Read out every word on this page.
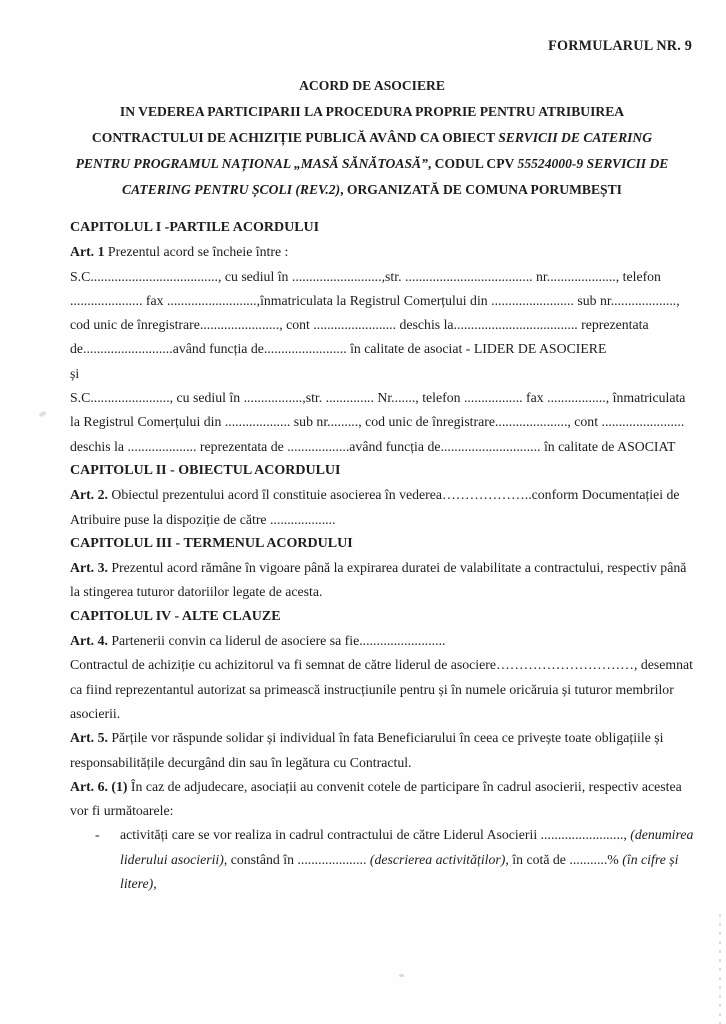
FORMULARUL NR. 9
ACORD DE ASOCIERE
IN VEDEREA PARTICIPARII LA PROCEDURA PROPRIE PENTRU ATRIBUIREA
CONTRACTULUI DE ACHIZIȚIE PUBLICĂ AVÂND CA OBIECT SERVICII DE CATERING
PENTRU PROGRAMUL NAȚIONAL „MASĂ SĂNĂTOASĂ”, CODUL CPV 55524000-9 SERVICII DE
CATERING PENTRU ȘCOLI (REV.2), ORGANIZATĂ DE COMUNA PORUMBEȘTI

CAPITOLUL I -PARTILE ACORDULUI

Art. 1 Prezentul acord se încheie între :

S.C....................................., cu sediul în ..........................,str. ..................................... nr...................., telefon ..................... fax ..........................,înmatriculata la Registrul Comerțului din ........................ sub nr..................., cod unic de înregistrare......................., cont ........................ deschis la.................................... reprezentata de..........................având funcția de........................ în calitate de asociat - LIDER DE ASOCIERE

și

S.C......................., cu sediul în .................,str. .............. Nr......., telefon ................. fax ................., înmatriculata la Registrul Comerțului din ................... sub nr........., cod unic de înregistrare....................., cont ........................ deschis la .................... reprezentata de ..................având funcția de............................. în calitate de ASOCIAT

CAPITOLUL II - OBIECTUL ACORDULUI

Art. 2. Obiectul prezentului acord îl constituie asocierea în vederea………………..conform Documentației de Atribuire puse la dispoziție de către ...................

CAPITOLUL III - TERMENUL ACORDULUI

Art. 3. Prezentul acord rămâne în vigoare până la expirarea duratei de valabilitate a contractului, respectiv până la stingerea tuturor datoriilor legate de acesta.

CAPITOLUL IV - ALTE CLAUZE

Art. 4. Partenerii convin ca liderul de asociere sa fie.........................

Contractul de achiziție cu achizitorul va fi semnat de către liderul de asociere…………………………, desemnat ca fiind reprezentantul autorizat sa primească instrucțiunile pentru și în numele oricăruia și tuturor membrilor asocierii.

Art. 5. Părțile vor răspunde solidar și individual în fata Beneficiarului în ceea ce privește toate obligațiile și responsabilitățile decurgând din sau în legătura cu Contractul.

Art. 6. (1) În caz de adjudecare, asociații au convenit cotele de participare în cadrul asocierii, respectiv acestea vor fi următoarele:

-	activități care se vor realiza in cadrul contractului de către Liderul Asocierii ........................, (denumirea liderului asocierii), constând în .................... (descrierea activităților), în cotă de ...........% (în cifre și litere),
